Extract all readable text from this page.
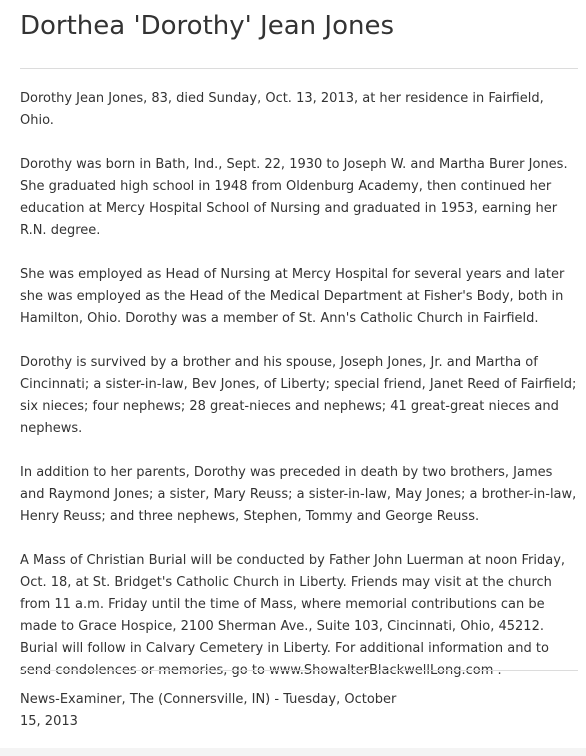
Dorthea 'Dorothy' Jean Jones

Dorothy Jean Jones, 83, died Sunday, Oct. 13, 2013, at her residence in Fairfield, Ohio.

Dorothy was born in Bath, Ind., Sept. 22, 1930 to Joseph W. and Martha Burer Jones. She graduated high school in 1948 from Oldenburg Academy, then continued her education at Mercy Hospital School of Nursing and graduated in 1953, earning her R.N. degree.

She was employed as Head of Nursing at Mercy Hospital for several years and later she was employed as the Head of the Medical Department at Fisher's Body, both in Hamilton, Ohio. Dorothy was a member of St. Ann's Catholic Church in Fairfield.

Dorothy is survived by a brother and his spouse, Joseph Jones, Jr. and Martha of Cincinnati; a sister-in-law, Bev Jones, of Liberty; special friend, Janet Reed of Fairfield; six nieces; four nephews; 28 great-nieces and nephews; 41 great-great nieces and nephews.

In addition to her parents, Dorothy was preceded in death by two brothers, James and Raymond Jones; a sister, Mary Reuss; a sister-in-law, May Jones; a brother-in-law, Henry Reuss; and three nephews, Stephen, Tommy and George Reuss.

A Mass of Christian Burial will be conducted by Father John Luerman at noon Friday, Oct. 18, at St. Bridget's Catholic Church in Liberty. Friends may visit at the church from 11 a.m. Friday until the time of Mass, where memorial contributions can be made to Grace Hospice, 2100 Sherman Ave., Suite 103, Cincinnati, Ohio, 45212. Burial will follow in Calvary Cemetery in Liberty. For additional information and to send condolences or memories, go to www.ShowalterBlackwellLong.com .

News-Examiner, The (Connersville, IN) - Tuesday, October 15, 2013
